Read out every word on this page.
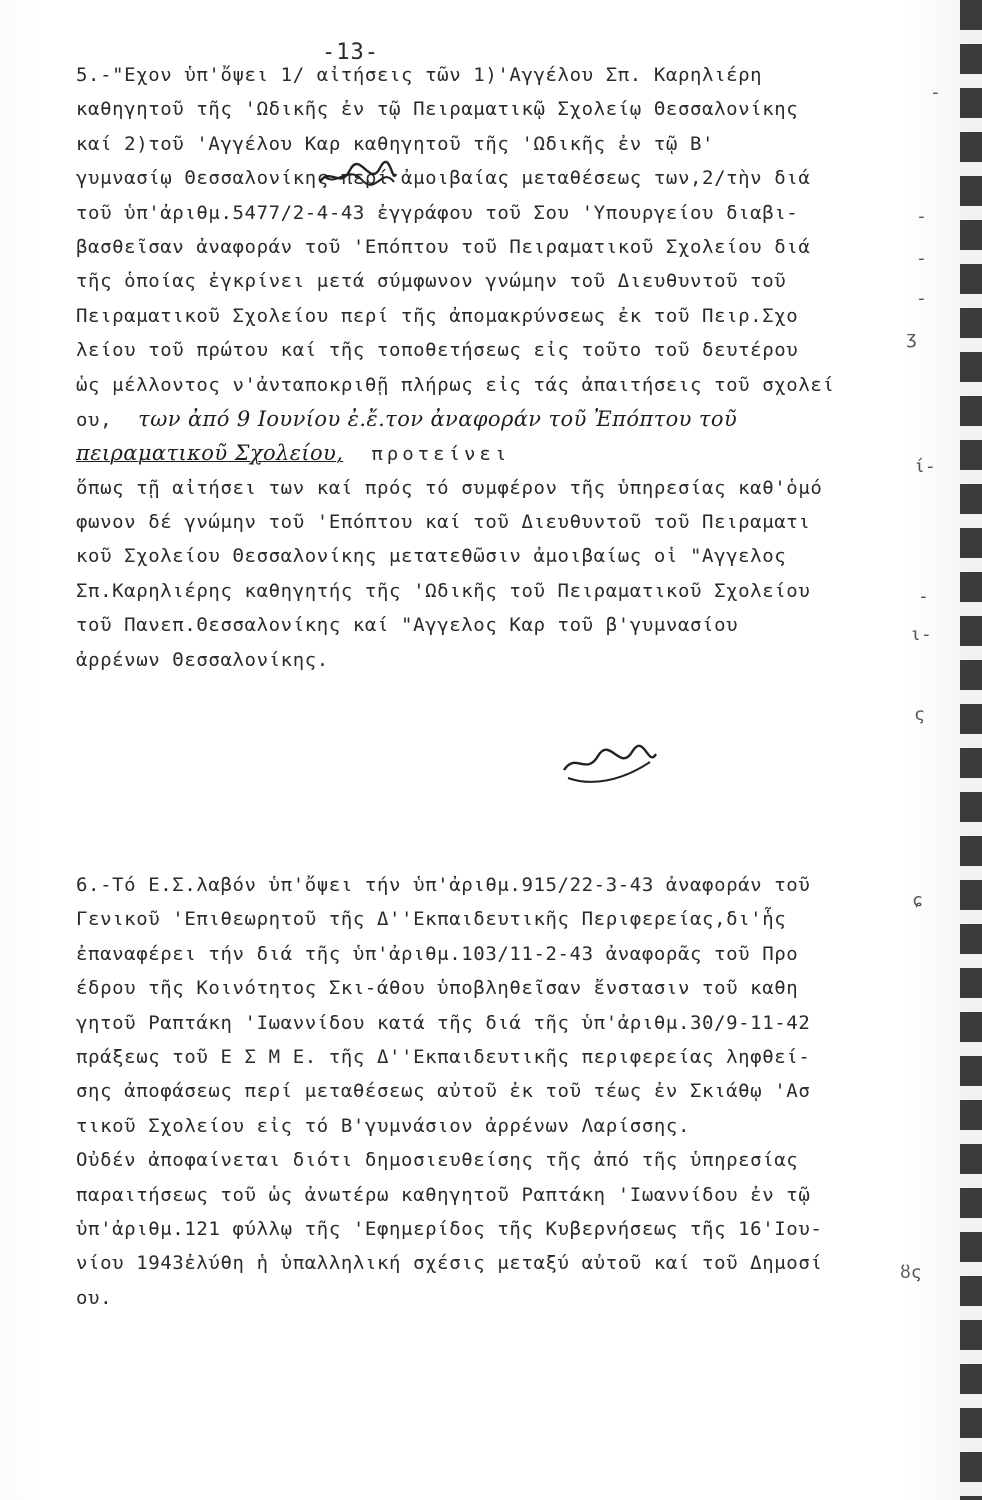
-13-
-
-
-
-
ʒ
ί-
-
ι-
ς
ɕ
ȣς
5.-"Εχον ὑπ'ὄψει 1/ αἰτήσεις τῶν 1)'Αγγέλου Σπ. Καρηλιέρη
καθηγητοῦ τῆς 'Ωδικῆς ἐν τῷ Πειραματικῷ Σχολείῳ Θεσσαλονίκης
καί 2)τοῦ 'Αγγέλου Καρ καθηγητοῦ τῆς 'Ωδικῆς ἐν τῷ Β'
γυμνασίῳ Θεσσαλονίκης περί ἀμοιβαίας μεταθέσεως των,2/τὴν διά
τοῦ ὑπ'ἀριθμ.5477/2-4-43 ἐγγράφου τοῦ Σου 'Υπουργείου διαβι-
βασθεῖσαν ἀναφοράν τοῦ 'Επόπτου τοῦ Πειραματικοῦ Σχολείου διά
τῆς ὁποίας ἐγκρίνει μετά σύμφωνον γνώμην τοῦ Διευθυντοῦ τοῦ
Πειραματικοῦ Σχολείου περί τῆς ἀπομακρύνσεως ἐκ τοῦ Πειρ.Σχο
λείου τοῦ πρώτου καί τῆς τοποθετήσεως εἰς τοῦτο τοῦ δευτέρου
ὡς μέλλοντος ν'ἀνταποκριθῇ πλήρως εἰς τάς ἀπαιτήσεις τοῦ σχολεί
ου, των ἀπό 9 Ιουνίου ἐ.ἔ.τον ἀναφοράν τοῦ Ἐπόπτου τοῦ
πειραματικοῦ Σχολείου, προτείνει
ὅπως τῇ αἰτήσει των καί πρός τό συμφέρον τῆς ὑπηρεσίας καθ'ὁμό
φωνον δέ γνώμην τοῦ 'Επόπτου καί τοῦ Διευθυντοῦ τοῦ Πειραματι
κοῦ Σχολείου Θεσσαλονίκης μετατεθῶσιν ἀμοιβαίως οἱ "Αγγελος
Σπ.Καρηλιέρης καθηγητής τῆς 'Ωδικῆς τοῦ Πειραματικοῦ Σχολείου
τοῦ Πανεπ.Θεσσαλονίκης καί "Αγγελος Καρ τοῦ β'γυμνασίου
ἀρρένων Θεσσαλονίκης.
6.-Τό Ε.Σ.λαβόν ὑπ'ὄψει τήν ὑπ'ἀριθμ.915/22-3-43 ἀναφοράν τοῦ
Γενικοῦ 'Επιθεωρητοῦ τῆς Δ''Εκπαιδευτικῆς Περιφερείας,δι'ἧς
ἐπαναφέρει τήν διά τῆς ὑπ'ἀριθμ.103/11-2-43 ἀναφορᾶς τοῦ Προ
έδρου τῆς Κοινότητος Σκι-άθου ὑποβληθεῖσαν ἔνστασιν τοῦ καθη
γητοῦ Ραπτάκη 'Ιωαννίδου κατά τῆς διά τῆς ὑπ'ἀριθμ.30/9-11-42
πράξεως τοῦ Ε Σ Μ Ε. τῆς Δ''Εκπαιδευτικῆς περιφερείας ληφθεί-
σης ἀποφάσεως περί μεταθέσεως αὐτοῦ ἐκ τοῦ τέως ἐν Σκιάθῳ 'Ασ
τικοῦ Σχολείου εἰς τό Β'γυμνάσιον ἀρρένων Λαρίσσης.
Οὐδέν ἀποφαίνεται διότι δημοσιευθείσης τῆς ἀπό τῆς ὑπηρεσίας
παραιτήσεως τοῦ ὡς ἀνωτέρω καθηγητοῦ Ραπτάκη 'Ιωαννίδου ἐν τῷ
ὑπ'ἀριθμ.121 φύλλῳ τῆς 'Εφημερίδος τῆς Κυβερνήσεως τῆς 16'Ιου-
νίου 1943ἐλύθη ἡ ὑπαλληλική σχέσις μεταξύ αὐτοῦ καί τοῦ Δημοσί
ου.
